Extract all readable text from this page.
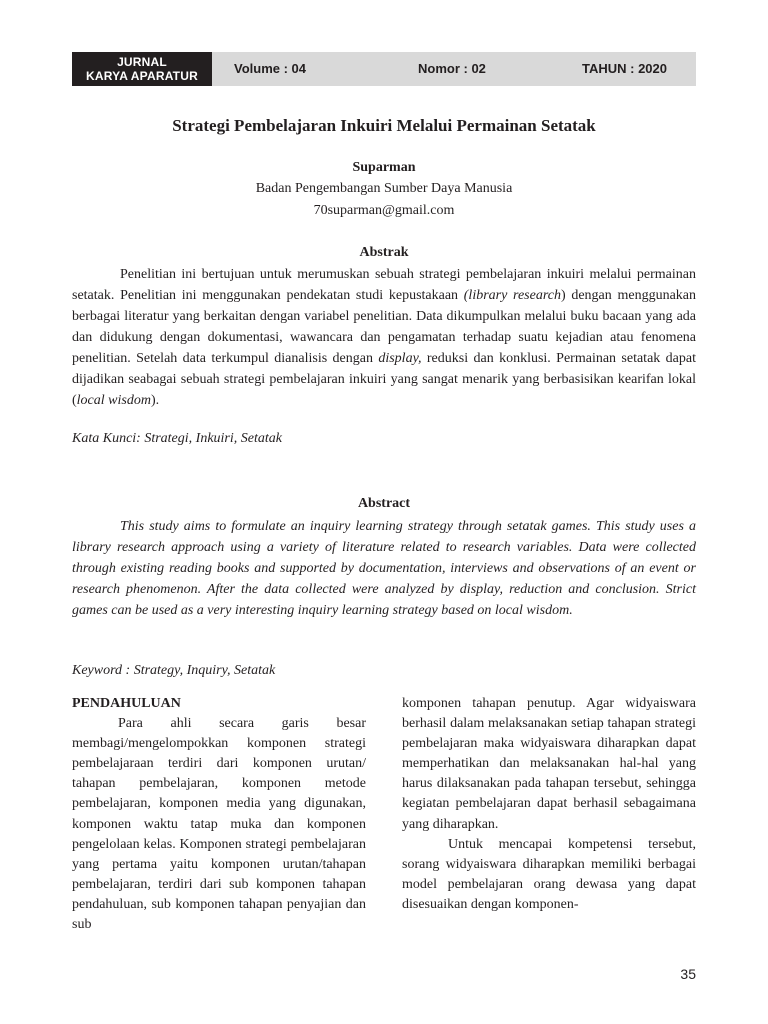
JURNAL
KARYA APARATUR	Volume : 04	Nomor : 02	TAHUN : 2020
Strategi Pembelajaran Inkuiri Melalui Permainan Setatak
Suparman
Badan Pengembangan Sumber Daya Manusia
70suparman@gmail.com
Abstrak

Penelitian ini bertujuan untuk merumuskan sebuah strategi pembelajaran inkuiri melalui permainan setatak. Penelitian ini menggunakan pendekatan studi kepustakaan (library research) dengan menggunakan berbagai literatur yang berkaitan dengan variabel penelitian. Data dikumpulkan melalui buku bacaan yang ada dan didukung dengan dokumentasi, wawancara dan pengamatan terhadap suatu kejadian atau fenomena penelitian. Setelah data terkumpul dianalisis dengan display, reduksi dan konklusi. Permainan setatak dapat dijadikan seabagai sebuah strategi pembelajaran inkuiri yang sangat menarik yang berbasisikan kearifan lokal (local wisdom).

Kata Kunci: Strategi, Inkuiri, Setatak
Abstract

This study aims to formulate an inquiry learning strategy through setatak games. This study uses a library research approach using a variety of literature related to research variables. Data were collected through existing reading books and supported by documentation, interviews and observations of an event or research phenomenon. After the data collected were analyzed by display, reduction and conclusion. Strict games can be used as a very interesting inquiry learning strategy based on local wisdom.

Keyword : Strategy, Inquiry, Setatak

PENDAHULUAN

Para ahli secara garis besar membagi/mengelompokkan komponen strategi pembelajaraan terdiri dari komponen urutan/ tahapan pembelajaran, komponen metode pembelajaran, komponen media yang digunakan, komponen waktu tatap muka dan komponen pengelolaan kelas. Komponen strategi pembelajaran yang pertama yaitu komponen urutan/tahapan pembelajaran, terdiri dari sub komponen tahapan pendahuluan, sub komponen tahapan penyajian dan sub

komponen tahapan penutup. Agar widyaiswara berhasil dalam melaksanakan setiap tahapan strategi pembelajaran maka widyaiswara diharapkan dapat memperhatikan dan melaksanakan hal-hal yang harus dilaksanakan pada tahapan tersebut, sehingga kegiatan pembelajaran dapat berhasil sebagaimana yang diharapkan.

Untuk mencapai kompetensi tersebut, sorang widyaiswara diharapkan memiliki berbagai model pembelajaran orang dewasa yang dapat disesuaikan dengan komponen-

35
